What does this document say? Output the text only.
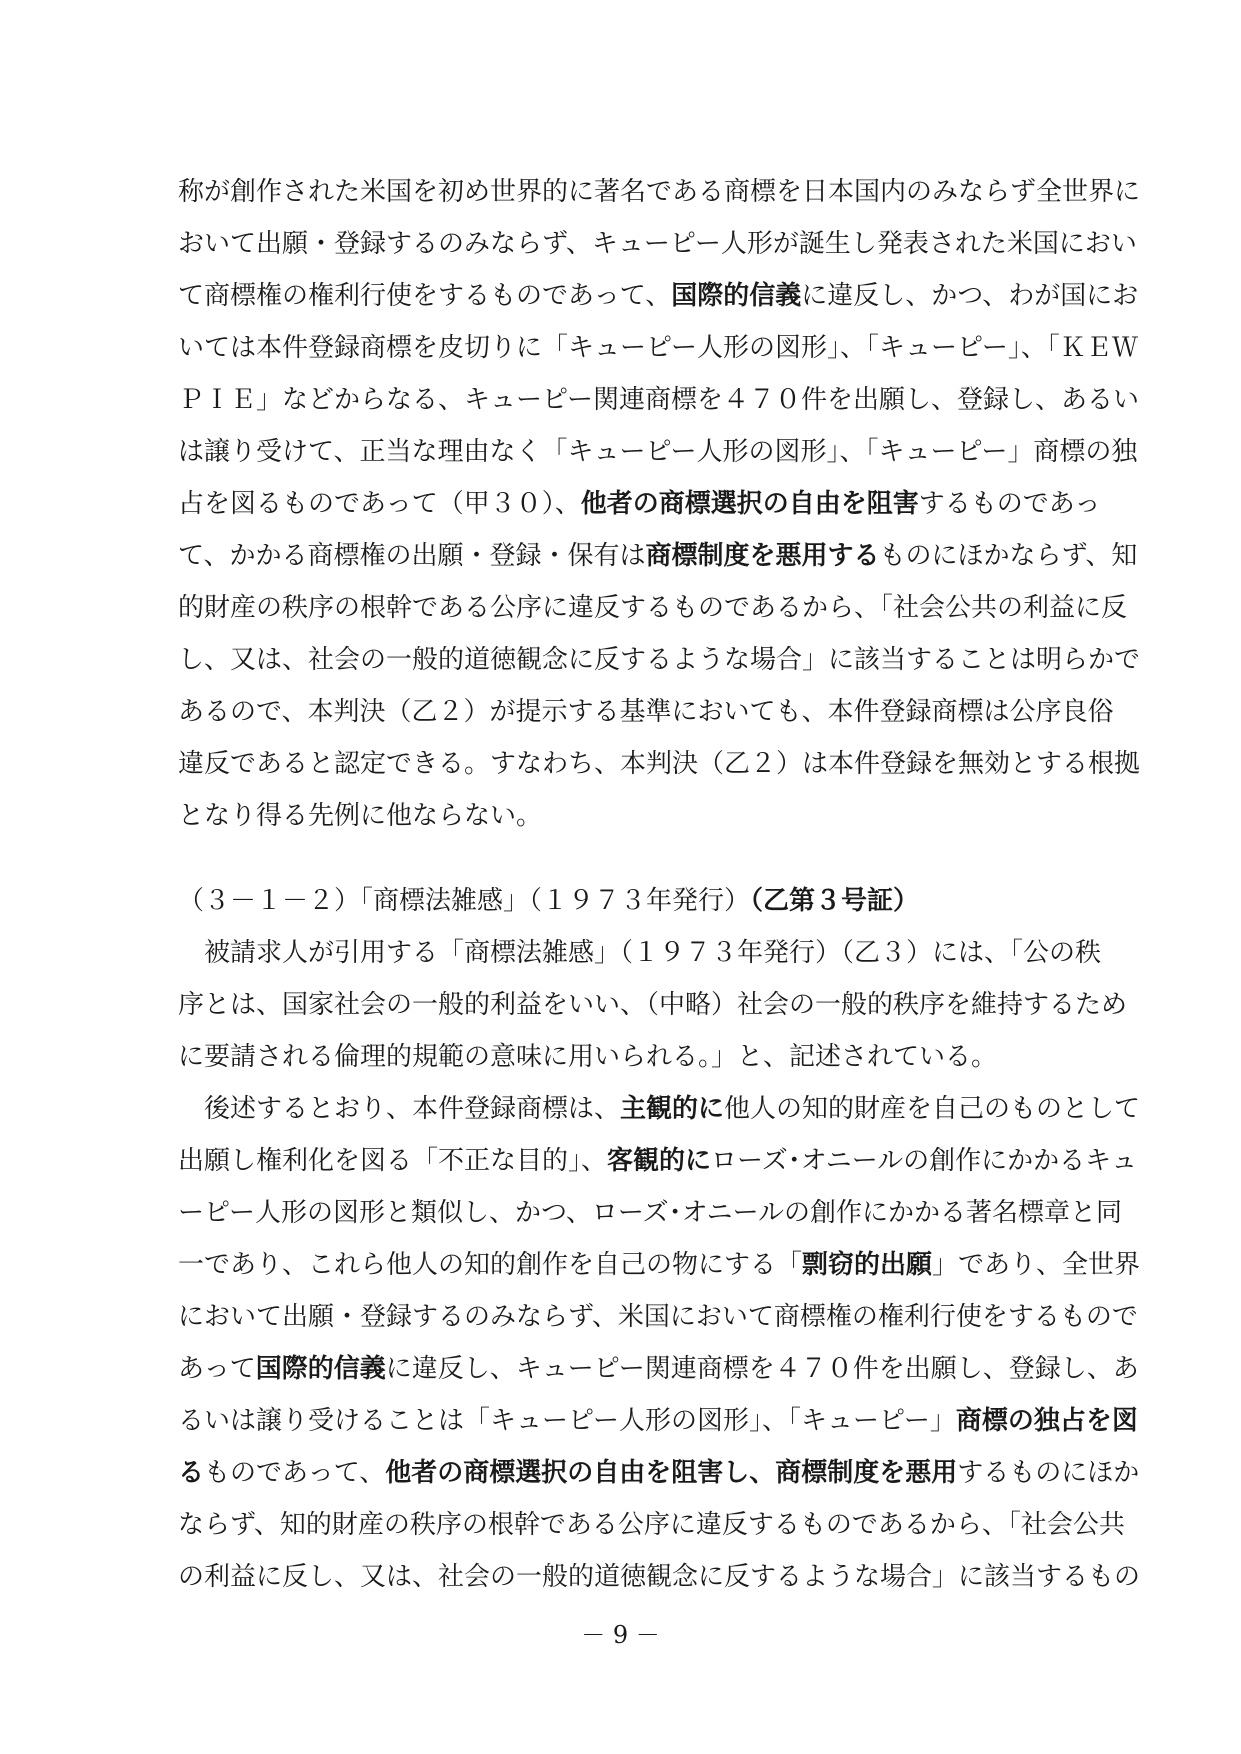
称が創作された米国を初め世界的に著名である商標を日本国内のみならず全世界に
おいて出願・登録するのみならず、キューピー人形が誕生し発表された米国におい
て商標権の権利行使をするものであって、国際的信義に違反し、かつ、わが国にお
いては本件登録商標を皮切りに「キューピー人形の図形」、「キューピー」、「ＫＥＷ
ＰＩＥ」などからなる、キューピー関連商標を４７０件を出願し、登録し、あるい
は譲り受けて、正当な理由なく「キューピー人形の図形」、「キューピー」商標の独
占を図るものであって（甲３０）、他者の商標選択の自由を阻害するものであっ
て、かかる商標権の出願・登録・保有は商標制度を悪用するものにほかならず、知
的財産の秩序の根幹である公序に違反するものであるから、「社会公共の利益に反
し、又は、社会の一般的道徳観念に反するような場合」に該当することは明らかで
あるので、本判決（乙２）が提示する基準においても、本件登録商標は公序良俗
違反であると認定できる。すなわち、本判決（乙２）は本件登録を無効とする根拠
となり得る先例に他ならない。
（３－１－２）「商標法雑感」（１９７３年発行）（乙第３号証）
　被請求人が引用する「商標法雑感」（１９７３年発行）（乙３）には、「公の秩
序とは、国家社会の一般的利益をいい、（中略）社会の一般的秩序を維持するため
に要請される倫理的規範の意味に用いられる。」と、記述されている。
　後述するとおり、本件登録商標は、主観的に他人の知的財産を自己のものとして
出願し権利化を図る「不正な目的」、客観的にローズ･オニールの創作にかかるキュ
ーピー人形の図形と類似し、かつ、ローズ･オニールの創作にかかる著名標章と同
一であり、これら他人の知的創作を自己の物にする「剽窃的出願」であり、全世界
において出願・登録するのみならず、米国において商標権の権利行使をするもので
あって国際的信義に違反し、キューピー関連商標を４７０件を出願し、登録し、あ
るいは譲り受けることは「キューピー人形の図形」、「キューピー」商標の独占を図
るものであって、他者の商標選択の自由を阻害し、商標制度を悪用するものにほか
ならず、知的財産の秩序の根幹である公序に違反するものであるから、「社会公共
の利益に反し、又は、社会の一般的道徳観念に反するような場合」に該当するもの
－ 9 －
